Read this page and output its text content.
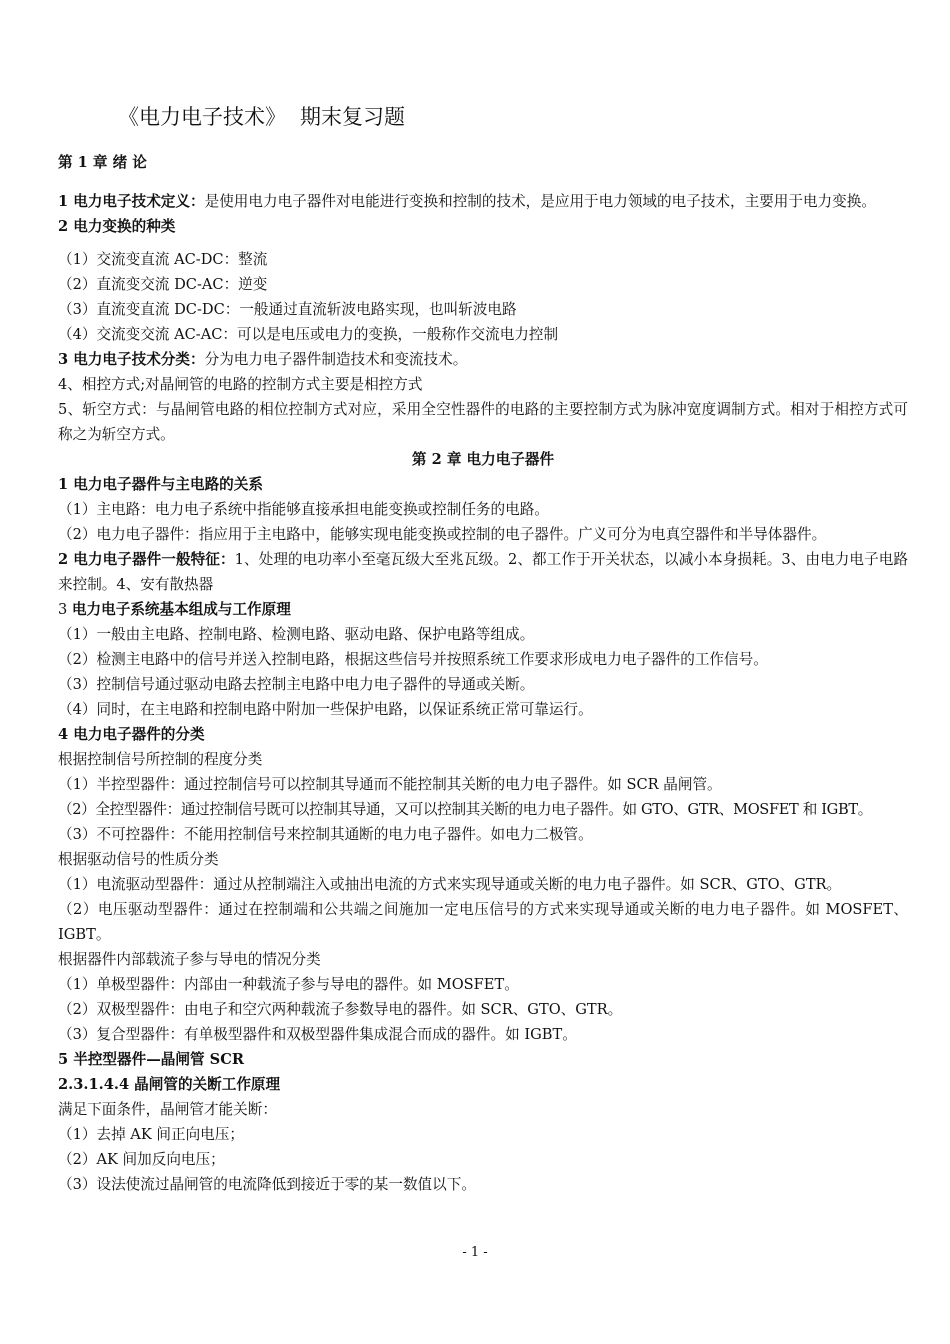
《电力电子技术》 期末复习题

第 1 章 绪 论

1 电力电子技术定义：是使用电力电子器件对电能进行变换和控制的技术，是应用于电力领域的电子技术，主要用于电力变换。

2 电力变换的种类

（1）交流变直流 AC-DC：整流

（2）直流变交流 DC-AC：逆变

（3）直流变直流 DC-DC：一般通过直流斩波电路实现，也叫斩波电路

（4）交流变交流 AC-AC：可以是电压或电力的变换，一般称作交流电力控制

3 电力电子技术分类：分为电力电子器件制造技术和变流技术。

4、相控方式;对晶闸管的电路的控制方式主要是相控方式

5、斩空方式：与晶闸管电路的相位控制方式对应，采用全空性器件的电路的主要控制方式为脉冲宽度调制方式。相对于相控方式可称之为斩空方式。

第 2 章 电力电子器件

1 电力电子器件与主电路的关系

（1）主电路：电力电子系统中指能够直接承担电能变换或控制任务的电路。

（2）电力电子器件：指应用于主电路中，能够实现电能变换或控制的电子器件。广义可分为电真空器件和半导体器件。

2 电力电子器件一般特征：1、处理的电功率小至毫瓦级大至兆瓦级。2、都工作于开关状态，以减小本身损耗。3、由电力电子电路来控制。4、安有散热器

3 电力电子系统基本组成与工作原理

（1）一般由主电路、控制电路、检测电路、驱动电路、保护电路等组成。

（2）检测主电路中的信号并送入控制电路，根据这些信号并按照系统工作要求形成电力电子器件的工作信号。

（3）控制信号通过驱动电路去控制主电路中电力电子器件的导通或关断。

（4）同时，在主电路和控制电路中附加一些保护电路，以保证系统正常可靠运行。

4 电力电子器件的分类

根据控制信号所控制的程度分类

（1）半控型器件：通过控制信号可以控制其导通而不能控制其关断的电力电子器件。如 SCR 晶闸管。

（2）全控型器件：通过控制信号既可以控制其导通，又可以控制其关断的电力电子器件。如 GTO、GTR、MOSFET 和 IGBT。

（3）不可控器件：不能用控制信号来控制其通断的电力电子器件。如电力二极管。

根据驱动信号的性质分类

（1）电流驱动型器件：通过从控制端注入或抽出电流的方式来实现导通或关断的电力电子器件。如 SCR、GTO、GTR。

（2）电压驱动型器件：通过在控制端和公共端之间施加一定电压信号的方式来实现导通或关断的电力电子器件。如 MOSFET、IGBT。

根据器件内部载流子参与导电的情况分类

（1）单极型器件：内部由一种载流子参与导电的器件。如 MOSFET。

（2）双极型器件：由电子和空穴两种载流子参数导电的器件。如 SCR、GTO、GTR。

（3）复合型器件：有单极型器件和双极型器件集成混合而成的器件。如 IGBT。

5 半控型器件—晶闸管 SCR

2.3.1.4.4 晶闸管的关断工作原理

满足下面条件，晶闸管才能关断：

（1）去掉 AK 间正向电压；

（2）AK 间加反向电压；

（3）设法使流过晶闸管的电流降低到接近于零的某一数值以下。

- 1 -
